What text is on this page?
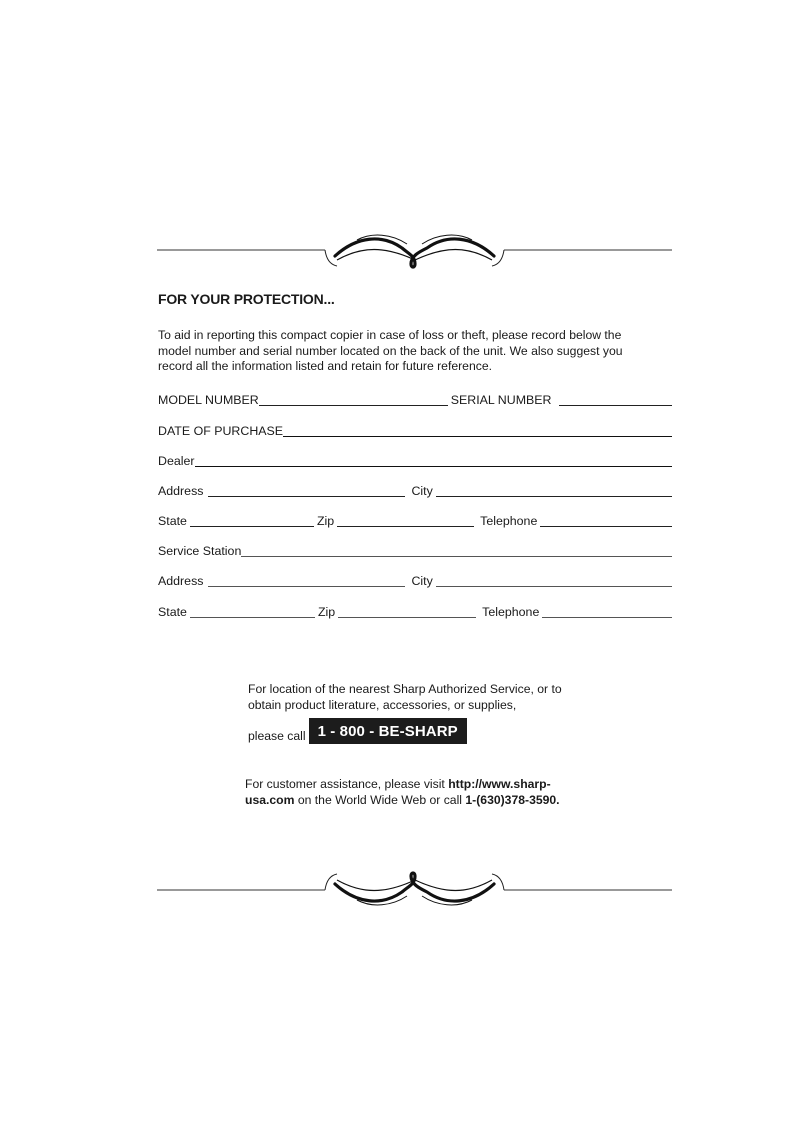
FOR YOUR PROTECTION...

To aid in reporting this compact copier in case of loss or theft, please record below the

model number and serial number located on the back of the unit. We also suggest you

record all the information listed and retain for future reference.

MODEL NUMBER	SERIAL NUMBER
DATE OF PURCHASE
Dealer
Address	City
State	Zip	Telephone
Service Station
Address	City
State	Zip	Telephone

For location of the nearest Sharp Authorized Service, or to

obtain product literature, accessories, or supplies,

please call 1 - 800 - BE-SHARP

For customer assistance, please visit http://www.sharp-

usa.com on the World Wide Web or call 1-(630)378-3590.
